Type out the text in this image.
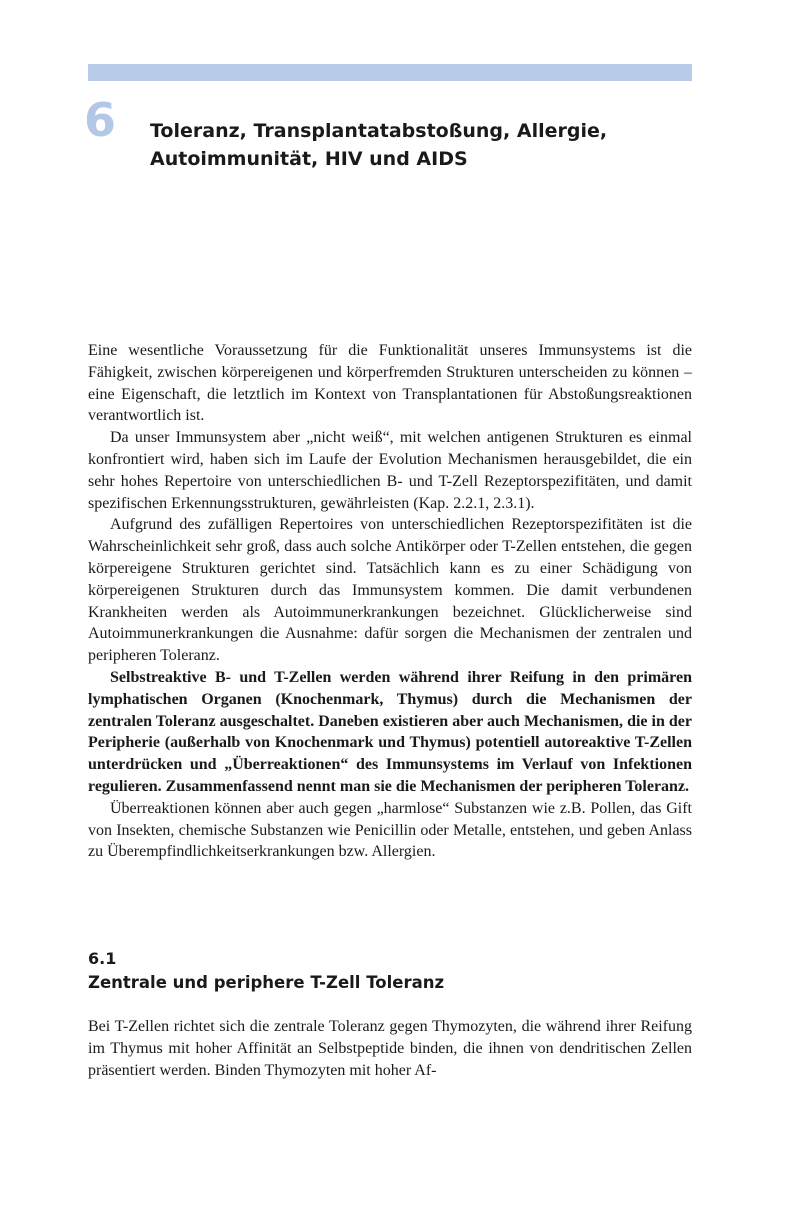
6 Toleranz, Transplantatabstoßung, Allergie,
Autoimmunität, HIV und AIDS

Eine wesentliche Voraussetzung für die Funktionalität unseres Immunsystems ist die Fähigkeit, zwischen körpereigenen und körperfremden Strukturen unterscheiden zu können – eine Eigenschaft, die letztlich im Kontext von Transplantationen für Abstoßungsreaktionen verantwortlich ist.

Da unser Immunsystem aber „nicht weiß“, mit welchen antigenen Strukturen es einmal konfrontiert wird, haben sich im Laufe der Evolution Mechanismen herausgebildet, die ein sehr hohes Repertoire von unterschiedlichen B- und T-Zell Rezeptorspezifitäten, und damit spezifischen Erkennungsstrukturen, gewährleisten (Kap. 2.2.1, 2.3.1).

Aufgrund des zufälligen Repertoires von unterschiedlichen Rezeptorspezifitäten ist die Wahrscheinlichkeit sehr groß, dass auch solche Antikörper oder T-Zellen entstehen, die gegen körpereigene Strukturen gerichtet sind. Tatsächlich kann es zu einer Schädigung von körpereigenen Strukturen durch das Immunsystem kommen. Die damit verbundenen Krankheiten werden als Autoimmunerkrankungen bezeichnet. Glücklicherweise sind Autoimmunerkrankungen die Ausnahme: dafür sorgen die Mechanismen der zentralen und peripheren Toleranz.

Selbstreaktive B- und T-Zellen werden während ihrer Reifung in den primären lymphatischen Organen (Knochenmark, Thymus) durch die Mechanismen der zentralen Toleranz ausgeschaltet. Daneben existieren aber auch Mechanismen, die in der Peripherie (außerhalb von Knochenmark und Thymus) potentiell autoreaktive T-Zellen unterdrücken und „Überreaktionen“ des Immunsystems im Verlauf von Infektionen regulieren. Zusammenfassend nennt man sie die Mechanismen der peripheren Toleranz.

Überreaktionen können aber auch gegen „harmlose“ Substanzen wie z.B. Pollen, das Gift von Insekten, chemische Substanzen wie Penicillin oder Metalle, entstehen, und geben Anlass zu Überempfindlichkeitserkrankungen bzw. Allergien.

6.1
Zentrale und periphere T-Zell Toleranz

Bei T-Zellen richtet sich die zentrale Toleranz gegen Thymozyten, die während ihrer Reifung im Thymus mit hoher Affinität an Selbstpeptide binden, die ihnen von dendritischen Zellen präsentiert werden. Binden Thymozyten mit hoher Af-
